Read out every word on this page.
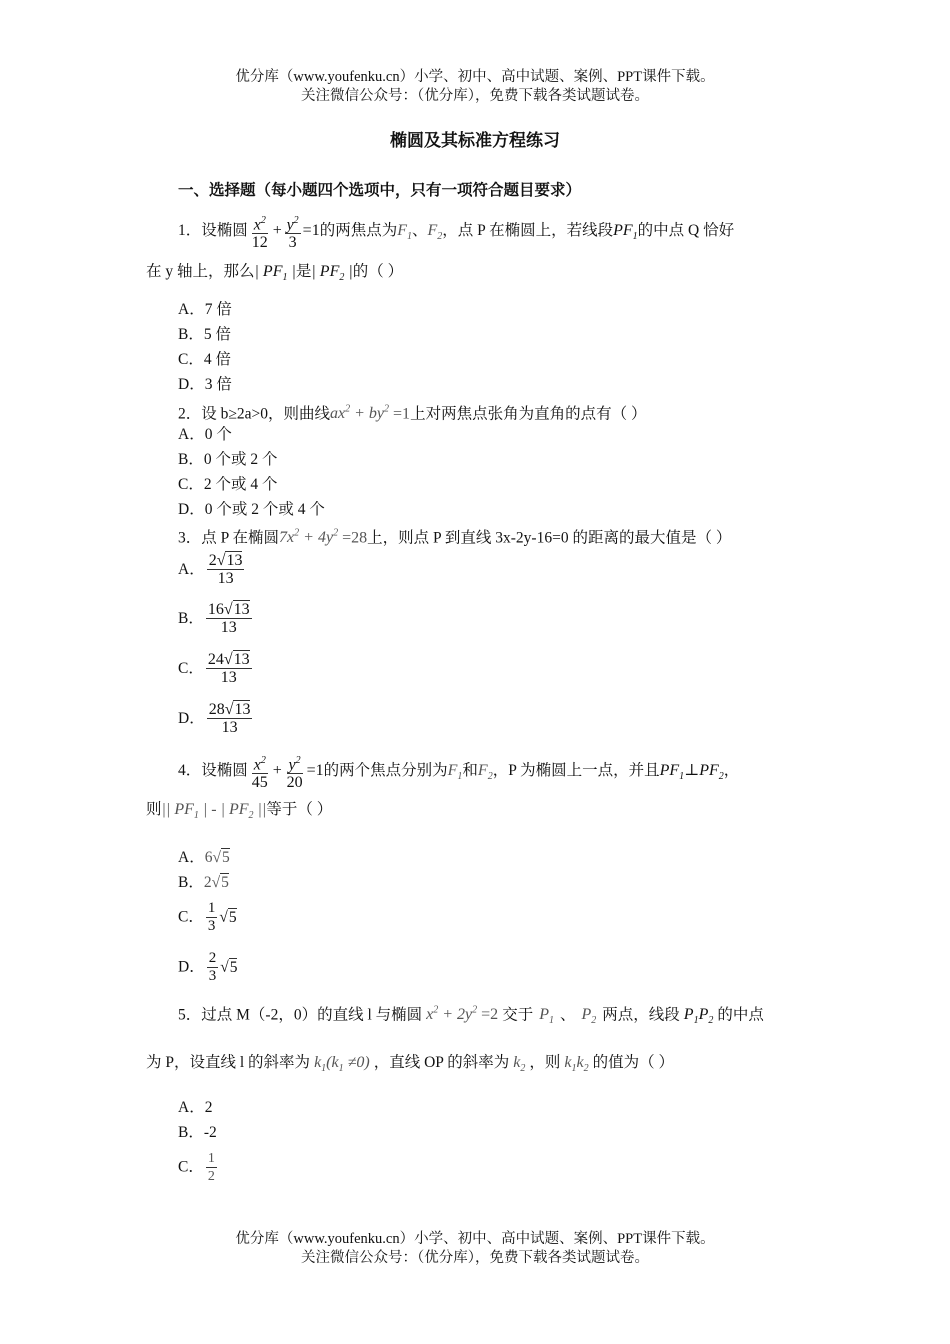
优分库（www.youfenku.cn）小学、初中、高中试题、案例、PPT课件下载。
关注微信公众号：（优分库），免费下载各类试题试卷。
椭圆及其标准方程练习
一、选择题（每小题四个选项中，只有一项符合题目要求）
1．设椭圆 $\frac{x^2}{12} + \frac{y^2}{3} =1$的两焦点为$F_1$、$F_2$，点 P 在椭圆上，若线段$PF_1$的中点 Q 恰好
在 y 轴上，那么| $PF_1$ |是| $PF_2$ |的（ ）
A．7 倍
B．5 倍
C．4 倍
D．3 倍
2．设 b≥2a>0，则曲线$ax^2 + by^2 =1$上对两焦点张角为直角的点有（ ）
A．0 个
B．0 个或 2 个
C．2 个或 4 个
D．0 个或 2 个或 4 个
3．点 P 在椭圆$7x^2 + 4y^2 =28$上，则点 P 到直线 3x-2y-16=0 的距离的最大值是（ ）
A． $\frac{2√13}{13}$
B． $\frac{16√13}{13}$
C． $\frac{24√13}{13}$
D． $\frac{28√13}{13}$
4．设椭圆 $\frac{x^2}{45} + \frac{y^2}{20} =1$的两个焦点分别为$F_1$和$F_2$，P 为椭圆上一点，并且$PF_1\perp PF_2$，
则|| $PF_1$ | - | $PF_2$ ||等于（ ）
A．6√5
B．2√5
C． $\frac{1}{3} √5$
D． $\frac{2}{3} √5$
5．过点 M（-2，0）的直线 l 与椭圆 $x^2 + 2y^2 =2$ 交于 $P_1$ 、 $P_2$ 两点，线段 $P_1P_2$ 的中点
为 P，设直线 l 的斜率为 $k_1(k_1 \ne 0)$ ，直线 OP 的斜率为 $k_2$ ，则 $k_1k_2$ 的值为（ ）
A．2
B．-2
C． $\frac{1}{2}$
优分库（www.youfenku.cn）小学、初中、高中试题、案例、PPT课件下载。
关注微信公众号：（优分库），免费下载各类试题试卷。
